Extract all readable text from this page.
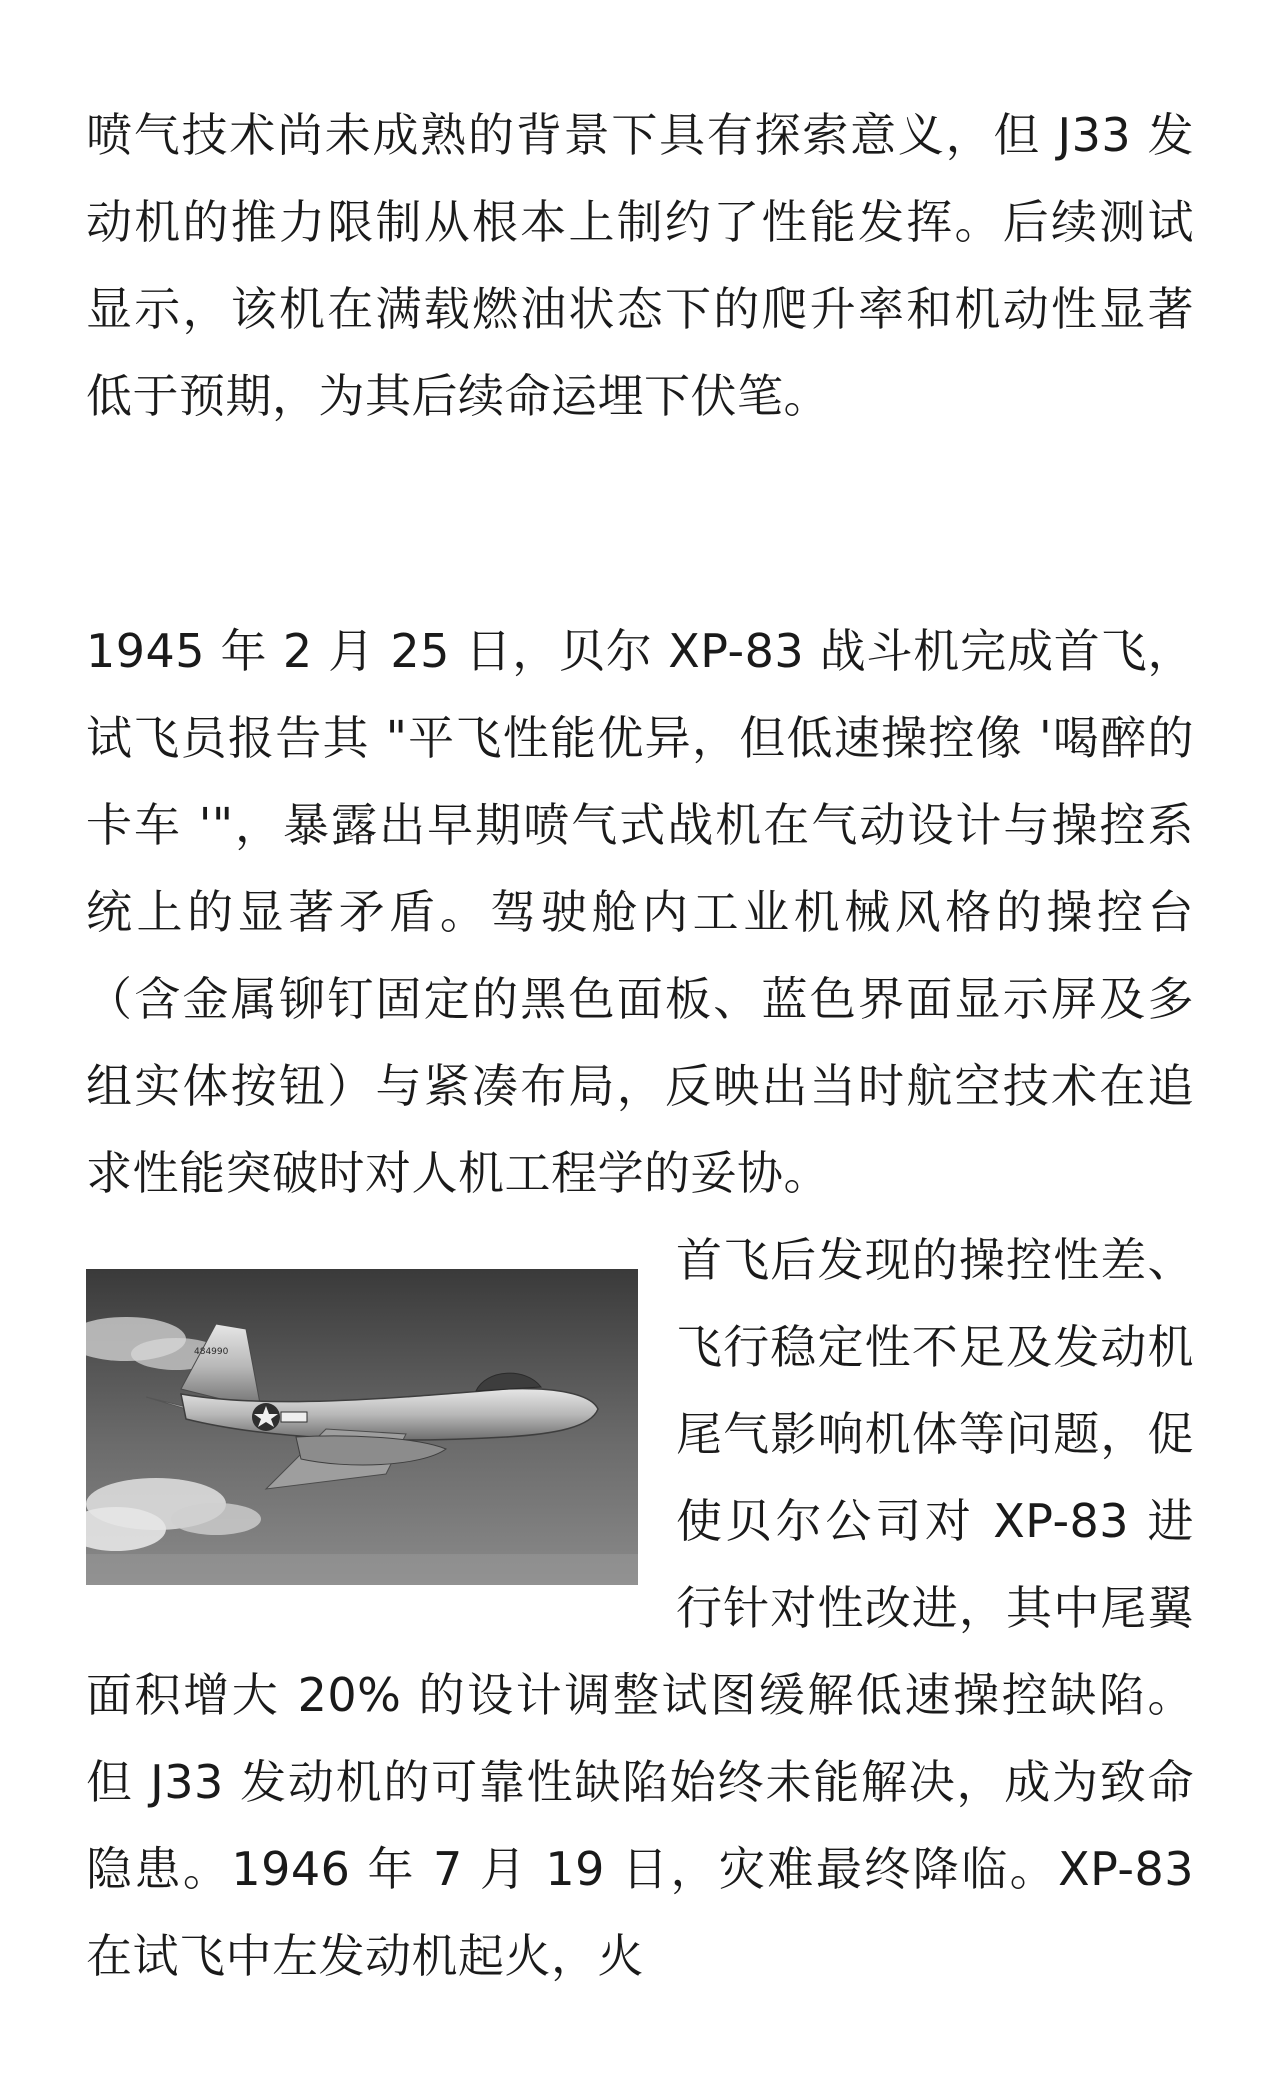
喷气技术尚未成熟的背景下具有探索意义，但 J33 发动机的推力限制从根本上制约了性能发挥。后续测试显示，该机在满载燃油状态下的爬升率和机动性显著低于预期，为其后续命运埋下伏笔。

1945 年 2 月 25 日，贝尔 XP-83 战斗机完成首飞，试飞员报告其 "平飞性能优异，但低速操控像 '喝醉的卡车 '"，暴露出早期喷气式战机在气动设计与操控系统上的显著矛盾。驾驶舱内工业机械风格的操控台（含金属铆钉固定的黑色面板、蓝色界面显示屏及多组实体按钮）与紧凑布局，反映出当时航空技术在追求性能突破时对人机工程学的妥协。

484990

首飞后发现的操控性差、飞行稳定性不足及发动机尾气影响机体等问题，促使贝尔公司对 XP-83 进行针对性改进，其中尾翼面积增大 20% 的设计调整试图缓解低速操控缺陷。但 J33 发动机的可靠性缺陷始终未能解决，成为致命隐患。1946 年 7 月 19 日，灾难最终降临。XP-83 在试飞中左发动机起火，火
